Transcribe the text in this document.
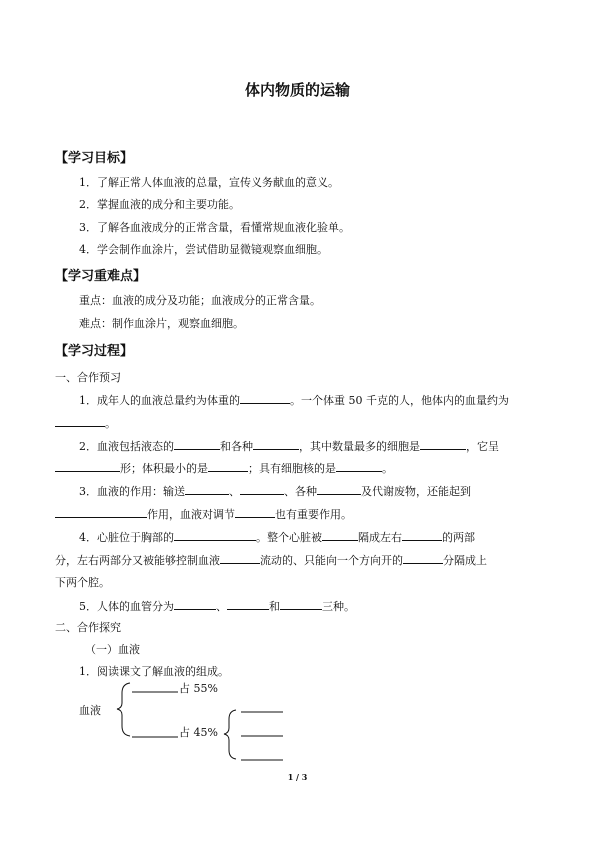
体内物质的运输
【学习目标】
1．了解正常人体血液的总量，宣传义务献血的意义。
2．掌握血液的成分和主要功能。
3．了解各血液成分的正常含量，看懂常规血液化验单。
4．学会制作血涂片，尝试借助显微镜观察血细胞。
【学习重难点】
重点：血液的成分及功能；血液成分的正常含量。
难点：制作血涂片，观察血细胞。
【学习过程】
一、合作预习
1．成年人的血液总量约为体重的	。一个体重 50 千克的人，他体内的血量约为
。
2．血液包括液态的	和各种	，其中数量最多的细胞是	，它呈
形；体积最小的是	；具有细胞核的是	。
3．血液的作用：输送	、	、各种	及代谢废物，还能起到
作用，血液对调节	也有重要作用。
4．心脏位于胸部的	。整个心脏被	隔成左右	的两部
分，左右两部分又被能够控制血液	流动的、只能向一个方向开的	分隔成上
下两个腔。
5．人体的血管分为	、	和	三种。
二、合作探究
（一）血液
1．阅读课文了解血液的组成。
血液
占 55%
占 45%
1 / 3
